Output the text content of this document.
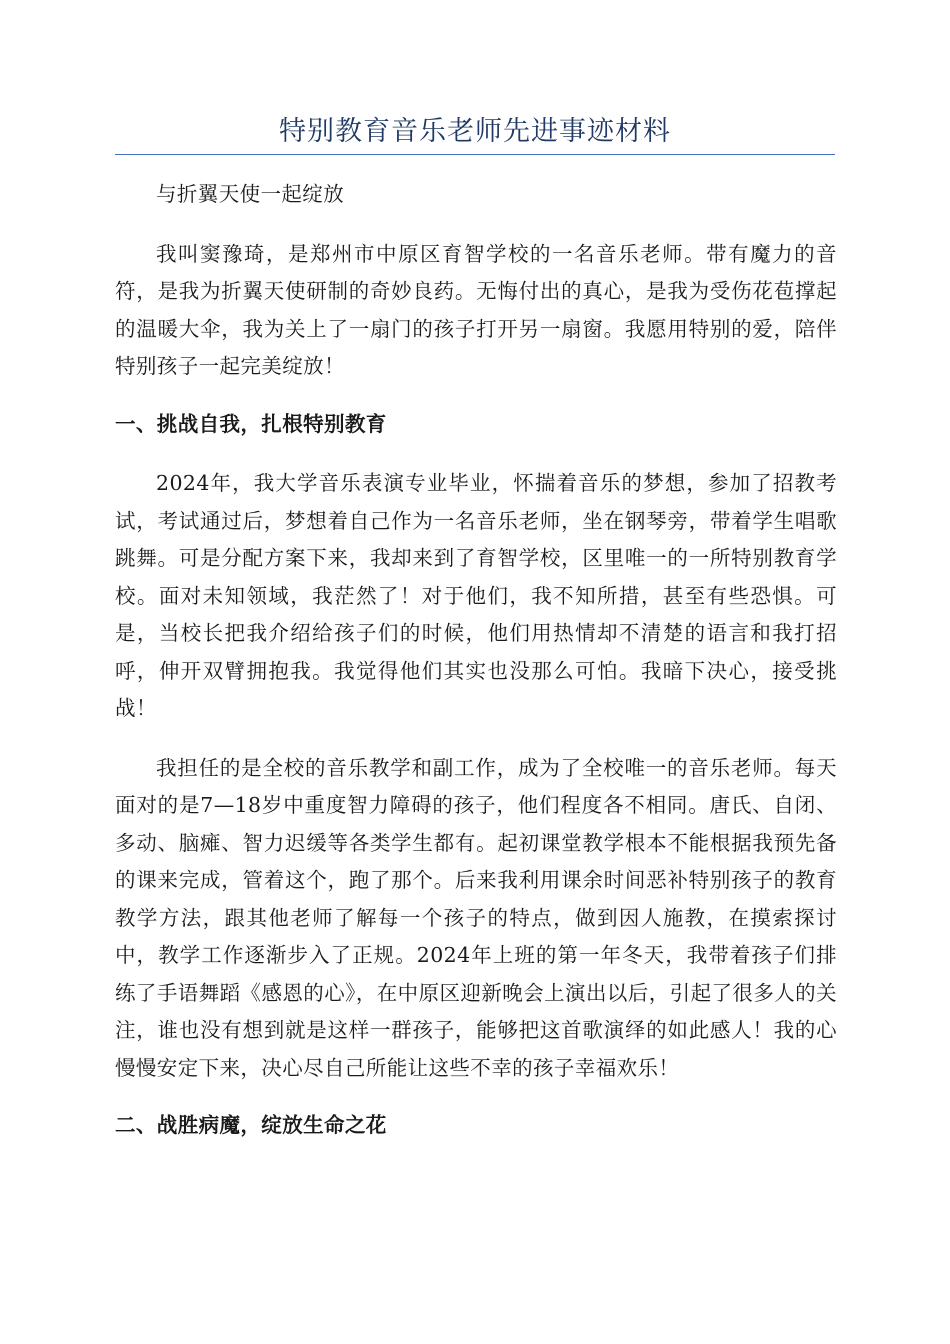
特别教育音乐老师先进事迹材料

与折翼天使一起绽放

我叫窦豫琦，是郑州市中原区育智学校的一名音乐老师。带有魔力的音符，是我为折翼天使研制的奇妙良药。无悔付出的真心，是我为受伤花苞撑起的温暖大伞，我为关上了一扇门的孩子打开另一扇窗。我愿用特别的爱，陪伴特别孩子一起完美绽放！

一、挑战自我，扎根特别教育

2024年，我大学音乐表演专业毕业，怀揣着音乐的梦想，参加了招教考试，考试通过后，梦想着自己作为一名音乐老师，坐在钢琴旁，带着学生唱歌跳舞。可是分配方案下来，我却来到了育智学校，区里唯一的一所特别教育学校。面对未知领域，我茫然了！对于他们，我不知所措，甚至有些恐惧。可是，当校长把我介绍给孩子们的时候，他们用热情却不清楚的语言和我打招呼，伸开双臂拥抱我。我觉得他们其实也没那么可怕。我暗下决心，接受挑战！

我担任的是全校的音乐教学和副工作，成为了全校唯一的音乐老师。每天面对的是7—18岁中重度智力障碍的孩子，他们程度各不相同。唐氏、自闭、多动、脑瘫、智力迟缓等各类学生都有。起初课堂教学根本不能根据我预先备的课来完成，管着这个，跑了那个。后来我利用课余时间恶补特别孩子的教育教学方法，跟其他老师了解每一个孩子的特点，做到因人施教，在摸索探讨中，教学工作逐渐步入了正规。2024年上班的第一年冬天，我带着孩子们排练了手语舞蹈《感恩的心》，在中原区迎新晚会上演出以后，引起了很多人的关注，谁也没有想到就是这样一群孩子，能够把这首歌演绎的如此感人！我的心慢慢安定下来，决心尽自己所能让这些不幸的孩子幸福欢乐！

二、战胜病魔，绽放生命之花
